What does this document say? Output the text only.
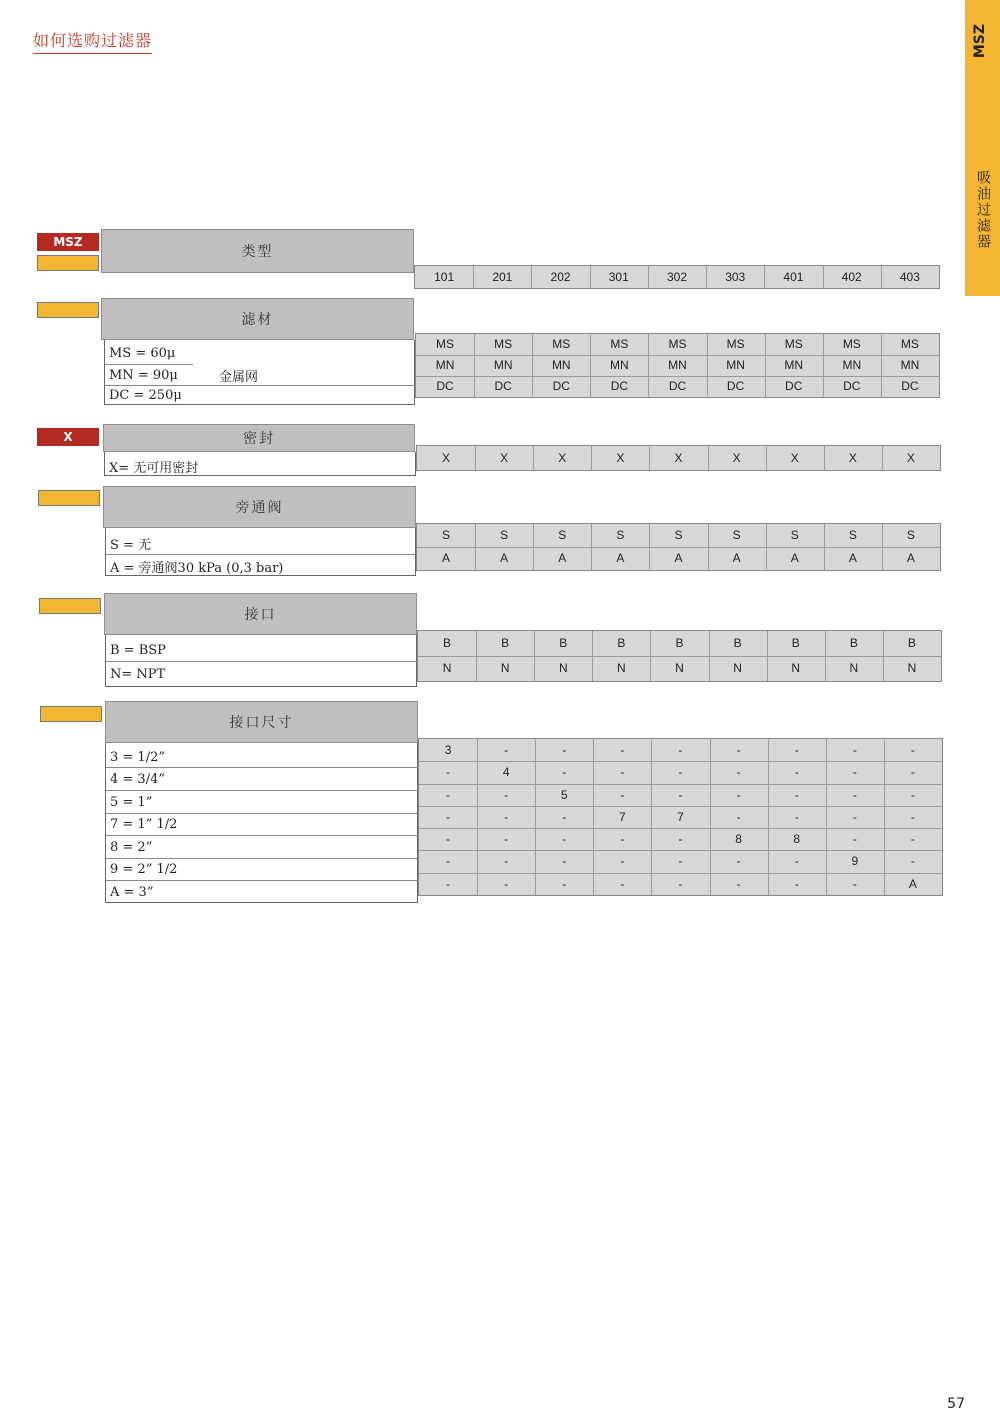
如何选购过滤器	MSZ
吸油过滤器
MSZ
类型
101	201	202	301	302	303	401	402	403
滤材
MS = 60μ
MN = 90μ
DC = 250μ
金属网
MS	MS	MS	MS	MS	MS	MS	MS	MS
MN	MN	MN	MN	MN	MN	MN	MN	MN
DC	DC	DC	DC	DC	DC	DC	DC	DC
X	密封
X= 无可用密封
X	X	X	X	X	X	X	X	X
旁通阀
S = 无
A = 旁通阀30 kPa (0,3 bar)
S	S	S	S	S	S	S	S	S
A	A	A	A	A	A	A	A	A
接口
B = BSP
N= NPT
B	B	B	B	B	B	B	B	B
N	N	N	N	N	N	N	N	N
接口尺寸
3 = 1/2”
4 = 3/4”
5 = 1”
7 = 1” 1/2
8 = 2”
9 = 2” 1/2
A = 3”
3	-	-	-	-	-	-	-	-
-	4	-	-	-	-	-	-	-
-	-	5	-	-	-	-	-	-
-	-	-	7	7	-	-	-	-
-	-	-	-	-	8	8	-	-
-	-	-	-	-	-	-	9	-
-	-	-	-	-	-	-	-	A
57
